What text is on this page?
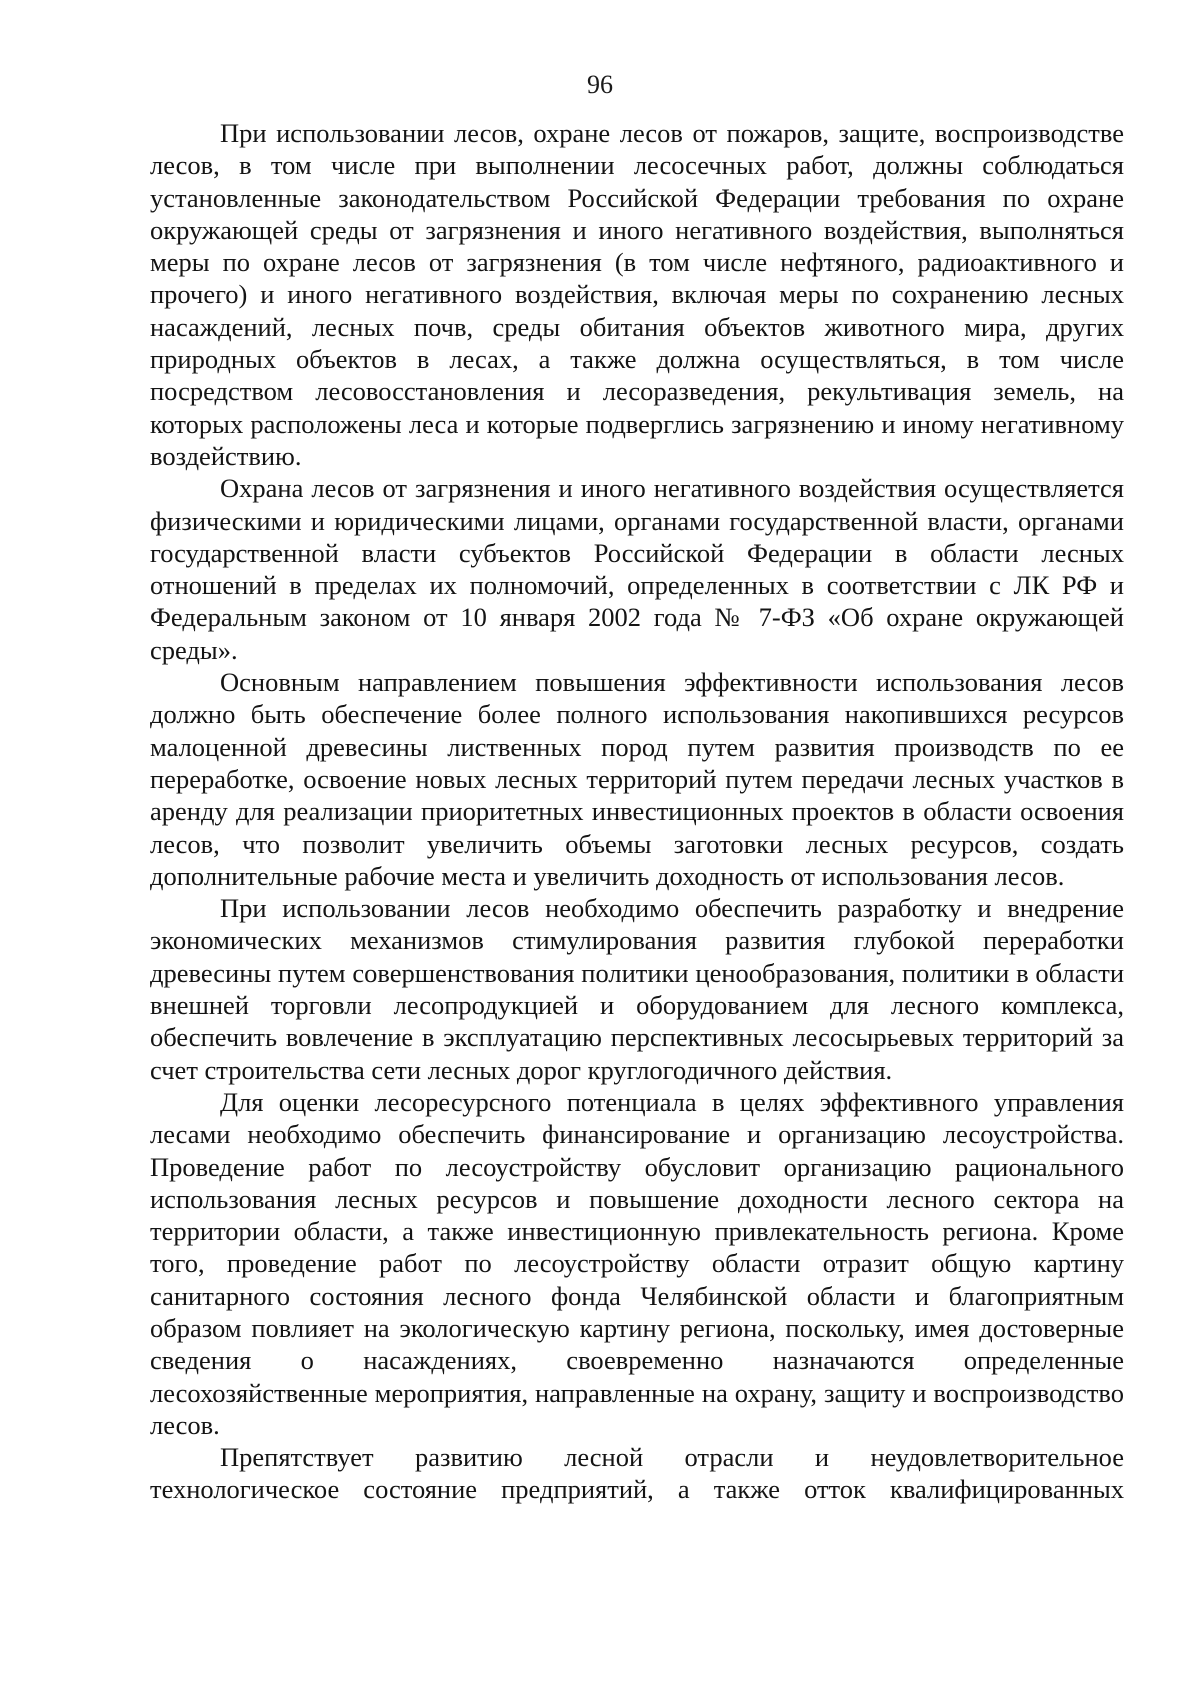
96

При использовании лесов, охране лесов от пожаров, защите, воспроизводстве лесов, в том числе при выполнении лесосечных работ, должны соблюдаться установленные законодательством Российской Федерации требования по охране окружающей среды от загрязнения и иного негативного воздействия, выполняться меры по охране лесов от загрязнения (в том числе нефтяного, радиоактивного и прочего) и иного негативного воздействия, включая меры по сохранению лесных насаждений, лесных почв, среды обитания объектов животного мира, других природных объектов в лесах, а также должна осуществляться, в том числе посредством лесовосстановления и лесоразведения, рекультивация земель, на которых расположены леса и которые подверглись загрязнению и иному негативному воздействию.

Охрана лесов от загрязнения и иного негативного воздействия осуществляется физическими и юридическими лицами, органами государственной власти, органами государственной власти субъектов Российской Федерации в области лесных отношений в пределах их полномочий, определенных в соответствии с ЛК РФ и Федеральным законом от 10 января 2002 года № 7-ФЗ «Об охране окружающей среды».

Основным направлением повышения эффективности использования лесов должно быть обеспечение более полного использования накопившихся ресурсов малоценной древесины лиственных пород путем развития производств по ее переработке, освоение новых лесных территорий путем передачи лесных участков в аренду для реализации приоритетных инвестиционных проектов в области освоения лесов, что позволит увеличить объемы заготовки лесных ресурсов, создать дополнительные рабочие места и увеличить доходность от использования лесов.

При использовании лесов необходимо обеспечить разработку и внедрение экономических механизмов стимулирования развития глубокой переработки древесины путем совершенствования политики ценообразования, политики в области внешней торговли лесопродукцией и оборудованием для лесного комплекса, обеспечить вовлечение в эксплуатацию перспективных лесосырьевых территорий за счет строительства сети лесных дорог круглогодичного действия.

Для оценки лесоресурсного потенциала в целях эффективного управления лесами необходимо обеспечить финансирование и организацию лесоустройства. Проведение работ по лесоустройству обусловит организацию рационального использования лесных ресурсов и повышение доходности лесного сектора на территории области, а также инвестиционную привлекательность региона. Кроме того, проведение работ по лесоустройству области отразит общую картину санитарного состояния лесного фонда Челябинской области и благоприятным образом повлияет на экологическую картину региона, поскольку, имея достоверные сведения о насаждениях, своевременно назначаются определенные лесохозяйственные мероприятия, направленные на охрану, защиту и воспроизводство лесов.

Препятствует развитию лесной отрасли и неудовлетворительное технологическое состояние предприятий, а также отток квалифицированных
